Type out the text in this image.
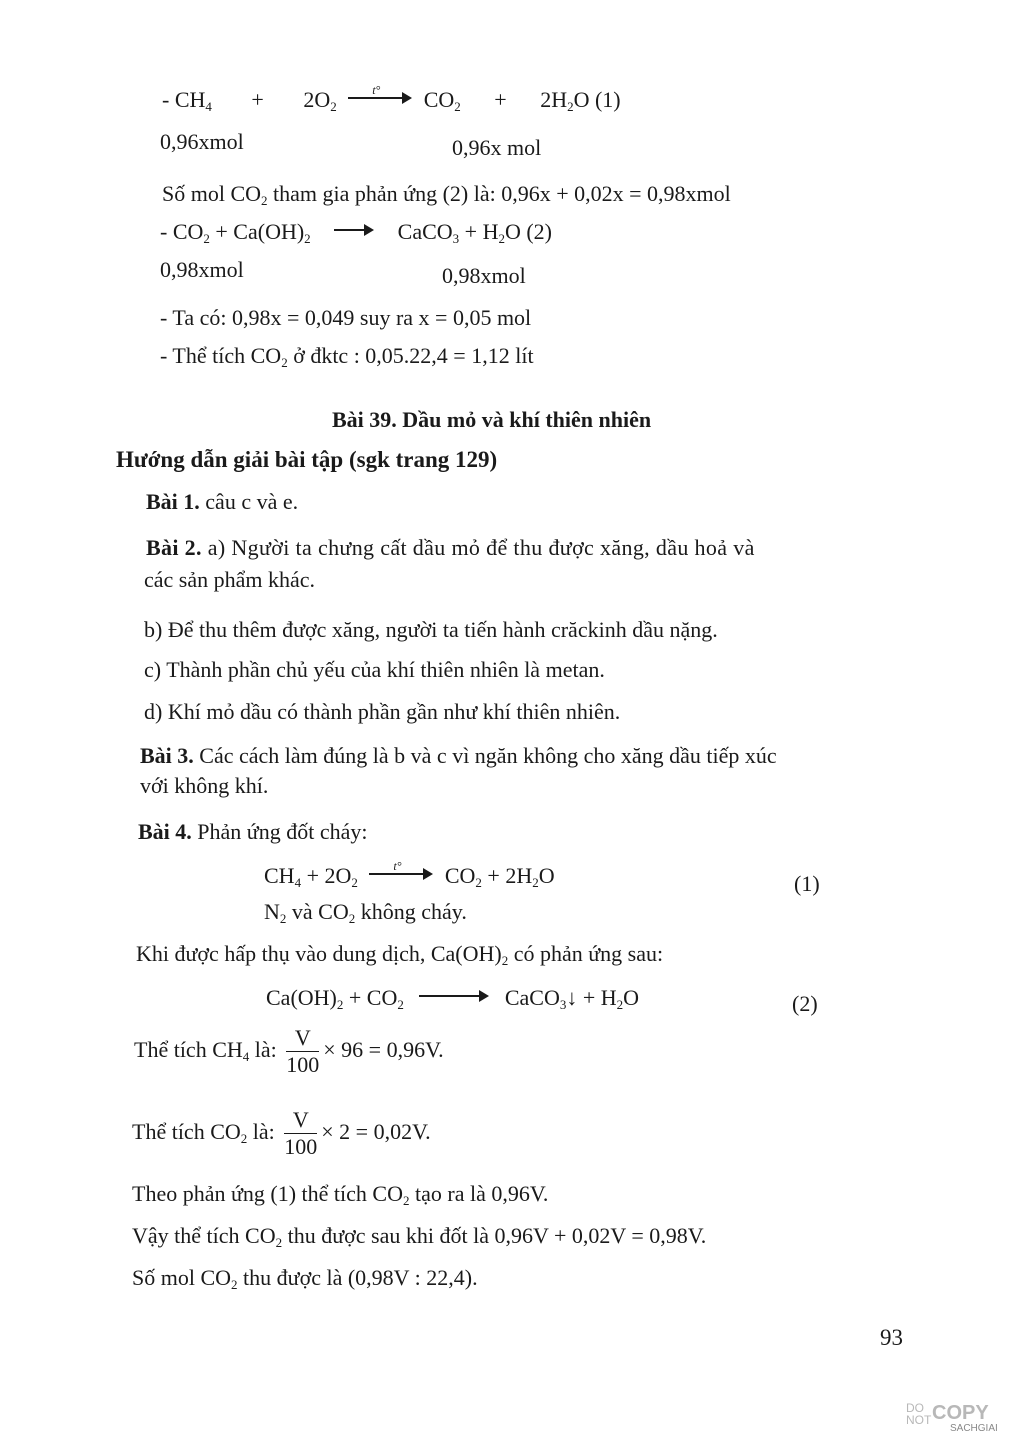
- $CH_4 + 2O_2$
t° $CO_2 + 2H_2O$ (1)
0,96xmol	0,96x mol
Số mol $CO_2$ tham gia phản ứng (2) là: 0,96x + 0,02x = 0,98xmol
- $CO_2 + Ca(OH)_2$	CaCO$_3$ + $H_2O$ (2)
0,98xmol	0,98xmol
- Ta có: 0,98x = 0,049 suy ra x = 0,05 mol
- Thể tích $CO_2$ ở đktc : 0,05.22,4 = 1,12 lít
Bài 39. Dầu mỏ và khí thiên nhiên
Hướng dẫn giải bài tập (sgk trang 129)
Bài 1. câu c và e.
Bài 2. a) Người ta chưng cất dầu mỏ để thu được xăng, dầu hoả và
các sản phẩm khác.
b) Để thu thêm được xăng, người ta tiến hành crăckinh dầu nặng.
c) Thành phần chủ yếu của khí thiên nhiên là metan.
d) Khí mỏ dầu có thành phần gần như khí thiên nhiên.
Bài 3. Các cách làm đúng là b và c vì ngăn không cho xăng dầu tiếp xúc
với không khí.
Bài 4. Phản ứng đốt cháy:
$CH_4 + 2O_2$
t° $CO_2 + 2H_2O$	(1)
$N_2$ và $CO_2$ không cháy.
Khi được hấp thụ vào dung dịch, $Ca(OH)_2$ có phản ứng sau:
$Ca(OH)_2 + CO_2$	CaCO$_3$↓ + $H_2O$	(2)
Thể tích $CH_4$ là: $\frac{V}{100} \times 96 = 0,96V$.
Thể tích $CO_2$ là: $\frac{V}{100} \times 2 = 0,02V$.
Theo phản ứng (1) thể tích $CO_2$ tạo ra là 0,96V.
Vậy thể tích $CO_2$ thu được sau khi đốt là 0,96V + 0,02V = 0,98V.
Số mol $CO_2$ thu được là (0,98V : 22,4).
93
DO
NOT COPY
SACHGIAI
